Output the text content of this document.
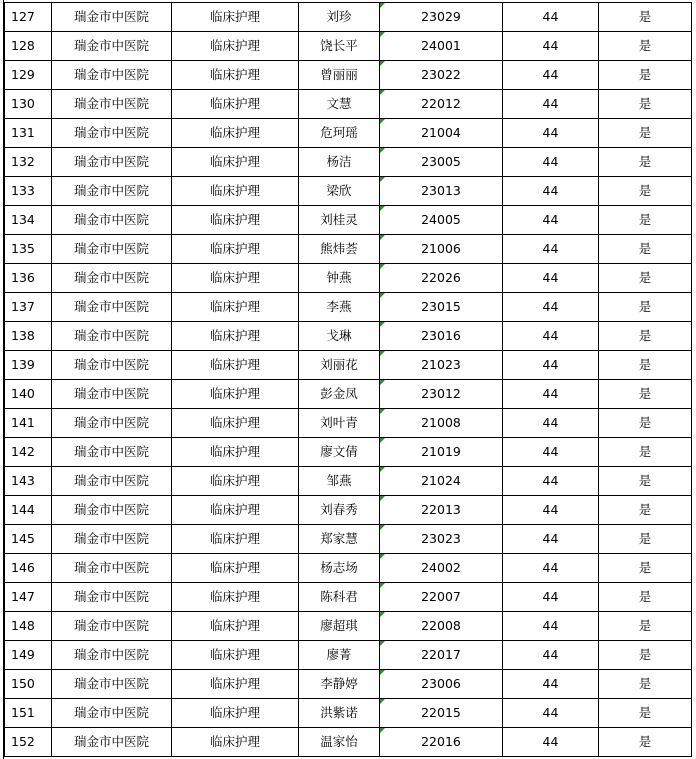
127	瑞金市中医院	临床护理	刘珍	23029	44	是
128	瑞金市中医院	临床护理	饶长平	24001	44	是
129	瑞金市中医院	临床护理	曾丽丽	23022	44	是
130	瑞金市中医院	临床护理	文慧	22012	44	是
131	瑞金市中医院	临床护理	危珂瑶	21004	44	是
132	瑞金市中医院	临床护理	杨洁	23005	44	是
133	瑞金市中医院	临床护理	梁欣	23013	44	是
134	瑞金市中医院	临床护理	刘桂灵	24005	44	是
135	瑞金市中医院	临床护理	熊炜荟	21006	44	是
136	瑞金市中医院	临床护理	钟燕	22026	44	是
137	瑞金市中医院	临床护理	李燕	23015	44	是
138	瑞金市中医院	临床护理	戈琳	23016	44	是
139	瑞金市中医院	临床护理	刘丽花	21023	44	是
140	瑞金市中医院	临床护理	彭金凤	23012	44	是
141	瑞金市中医院	临床护理	刘叶青	21008	44	是
142	瑞金市中医院	临床护理	廖文倩	21019	44	是
143	瑞金市中医院	临床护理	邹燕	21024	44	是
144	瑞金市中医院	临床护理	刘春秀	22013	44	是
145	瑞金市中医院	临床护理	郑家慧	23023	44	是
146	瑞金市中医院	临床护理	杨志场	24002	44	是
147	瑞金市中医院	临床护理	陈科君	22007	44	是
148	瑞金市中医院	临床护理	廖超琪	22008	44	是
149	瑞金市中医院	临床护理	廖菁	22017	44	是
150	瑞金市中医院	临床护理	李静婷	23006	44	是
151	瑞金市中医院	临床护理	洪紫诺	22015	44	是
152	瑞金市中医院	临床护理	温家怡	22016	44	是
